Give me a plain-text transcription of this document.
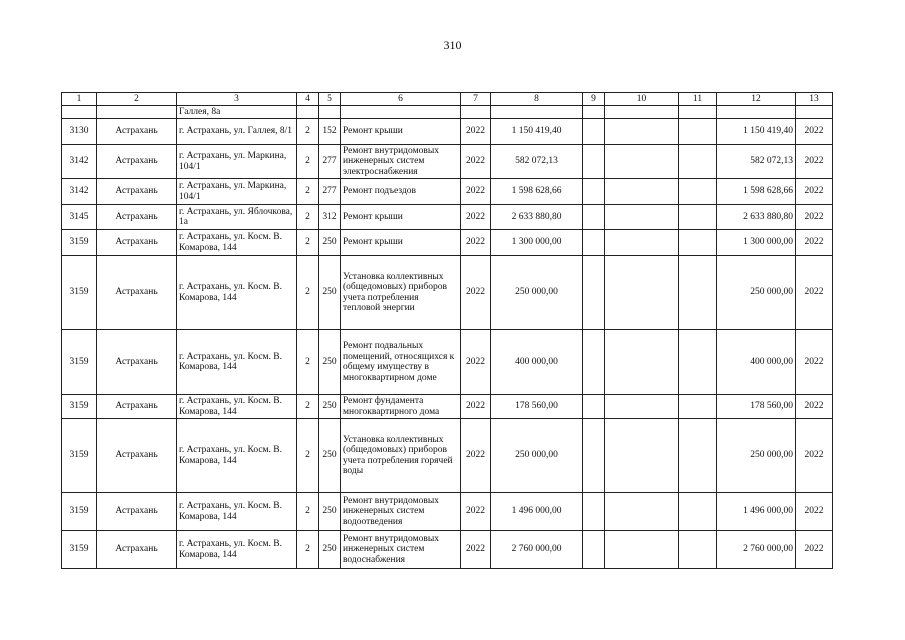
310
1	2	3	4	5	6	7	8	9	10	11	12	13
		Галлея, 8а										
3130	Астрахань	г. Астрахань, ул. Галлея, 8/1	2	152	Ремонт крыши	2022	1 150 419,40				1 150 419,40	2022
3142	Астрахань	г. Астрахань, ул. Маркина, 104/1	2	277	Ремонт внутридомовых инженерных систем электроснабжения	2022	582 072,13				582 072,13	2022
3142	Астрахань	г. Астрахань, ул. Маркина, 104/1	2	277	Ремонт подъездов	2022	1 598 628,66				1 598 628,66	2022
3145	Астрахань	г. Астрахань, ул. Яблочкова, 1а	2	312	Ремонт крыши	2022	2 633 880,80				2 633 880,80	2022
3159	Астрахань	г. Астрахань, ул. Косм. В. Комарова, 144	2	250	Ремонт крыши	2022	1 300 000,00				1 300 000,00	2022
3159	Астрахань	г. Астрахань, ул. Косм. В. Комарова, 144	2	250	Установка коллективных (общедомовых) приборов учета потребления тепловой энергии	2022	250 000,00				250 000,00	2022
3159	Астрахань	г. Астрахань, ул. Косм. В. Комарова, 144	2	250	Ремонт подвальных помещений, относящихся к общему имуществу в многоквартирном доме	2022	400 000,00				400 000,00	2022
3159	Астрахань	г. Астрахань, ул. Косм. В. Комарова, 144	2	250	Ремонт фундамента многоквартирного дома	2022	178 560,00				178 560,00	2022
3159	Астрахань	г. Астрахань, ул. Косм. В. Комарова, 144	2	250	Установка коллективных (общедомовых) приборов учета потребления горячей воды	2022	250 000,00				250 000,00	2022
3159	Астрахань	г. Астрахань, ул. Косм. В. Комарова, 144	2	250	Ремонт внутридомовых инженерных систем водоотведения	2022	1 496 000,00				1 496 000,00	2022
3159	Астрахань	г. Астрахань, ул. Косм. В. Комарова, 144	2	250	Ремонт внутридомовых инженерных систем водоснабжения	2022	2 760 000,00				2 760 000,00	2022
